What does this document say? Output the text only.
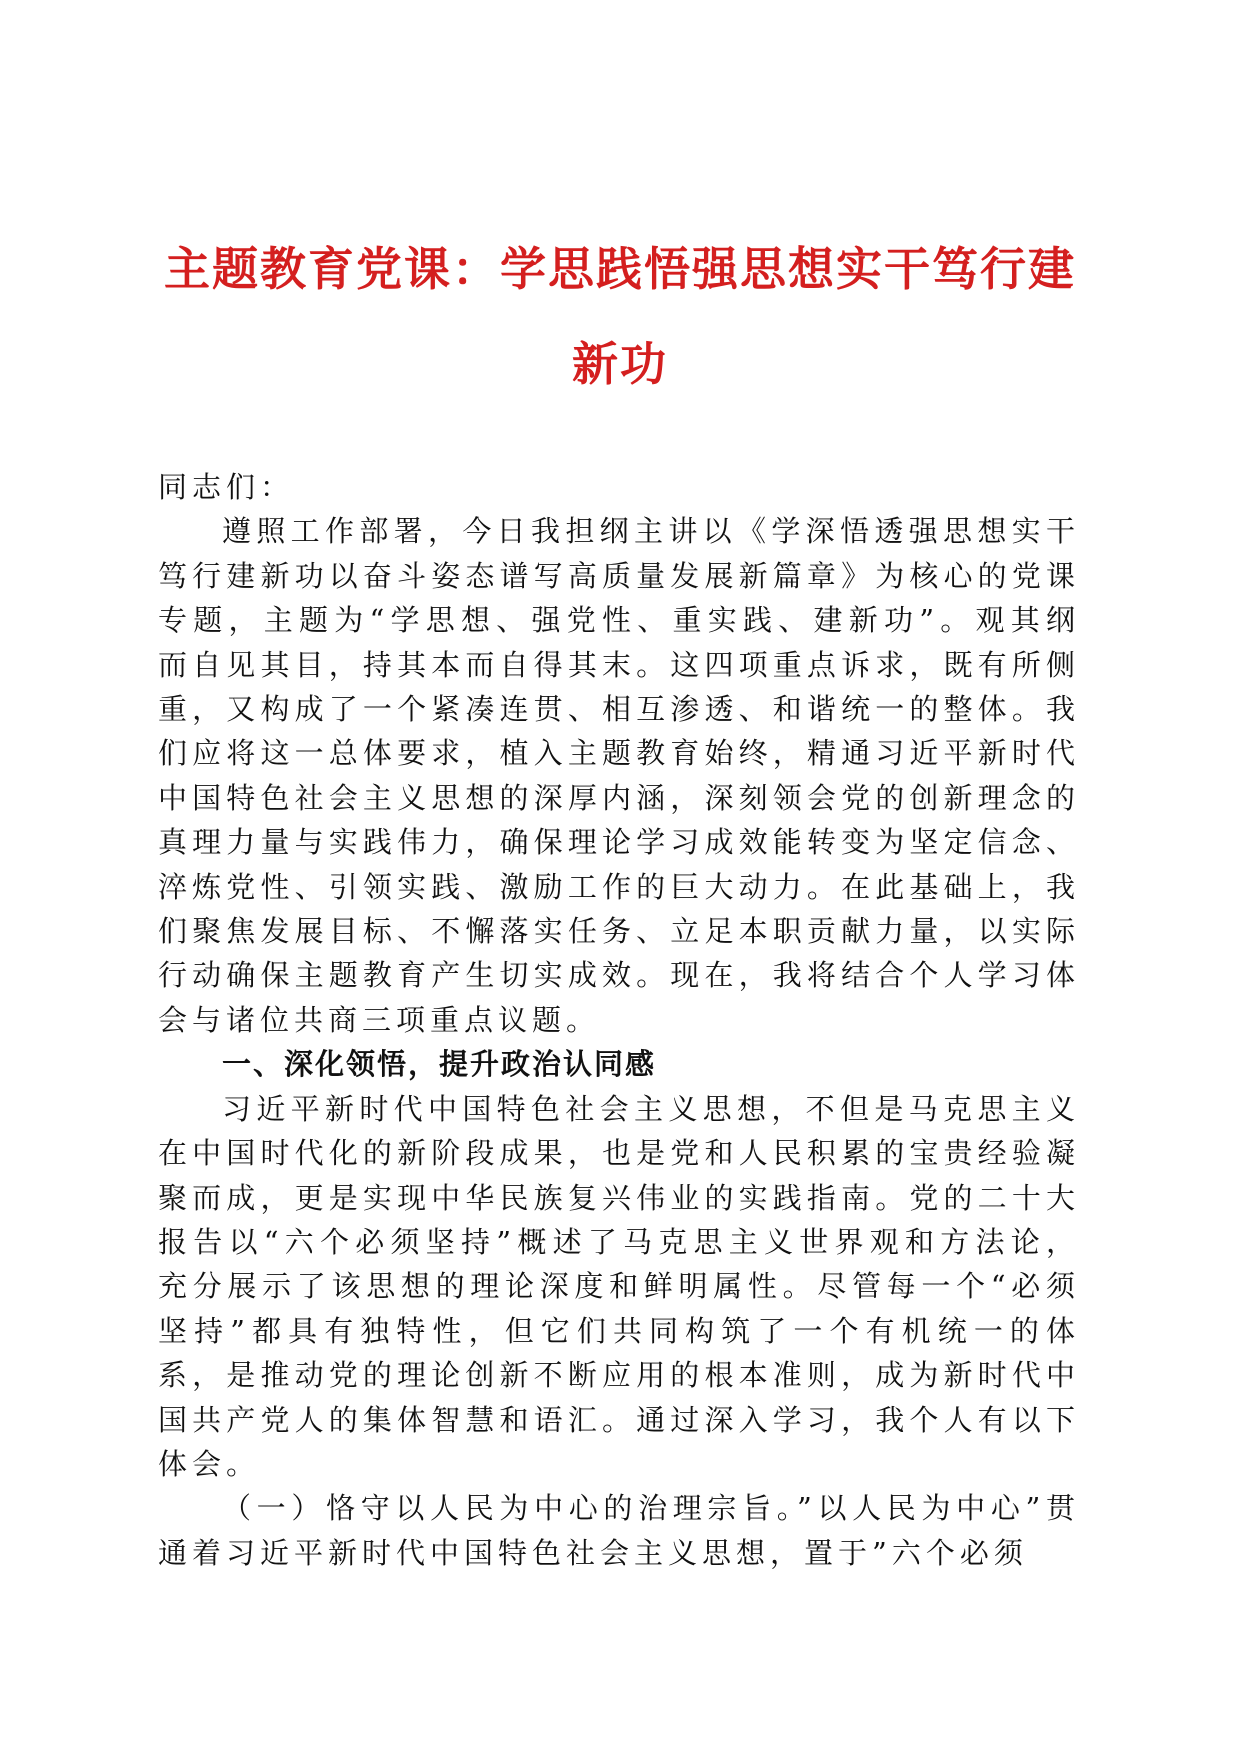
主题教育党课：学思践悟强思想实干笃行建新功

同志们：

遵照工作部署，今日我担纲主讲以《学深悟透强思想实干笃行建新功以奋斗姿态谱写高质量发展新篇章》为核心的党课专题，主题为“学思想、强党性、重实践、建新功”。观其纲而自见其目，持其本而自得其末。这四项重点诉求，既有所侧重，又构成了一个紧凑连贯、相互渗透、和谐统一的整体。我们应将这一总体要求，植入主题教育始终，精通习近平新时代中国特色社会主义思想的深厚内涵，深刻领会党的创新理念的真理力量与实践伟力，确保理论学习成效能转变为坚定信念、淬炼党性、引领实践、激励工作的巨大动力。在此基础上，我们聚焦发展目标、不懈落实任务、立足本职贡献力量，以实际行动确保主题教育产生切实成效。现在，我将结合个人学习体会与诸位共商三项重点议题。

一、深化领悟，提升政治认同感

习近平新时代中国特色社会主义思想，不但是马克思主义在中国时代化的新阶段成果，也是党和人民积累的宝贵经验凝聚而成，更是实现中华民族复兴伟业的实践指南。党的二十大报告以“六个必须坚持”概述了马克思主义世界观和方法论，充分展示了该思想的理论深度和鲜明属性。尽管每一个“必须坚持”都具有独特性，但它们共同构筑了一个有机统一的体系，是推动党的理论创新不断应用的根本准则，成为新时代中国共产党人的集体智慧和语汇。通过深入学习，我个人有以下体会。

（一）恪守以人民为中心的治理宗旨。”以人民为中心”贯通着习近平新时代中国特色社会主义思想，置于”六个必须
